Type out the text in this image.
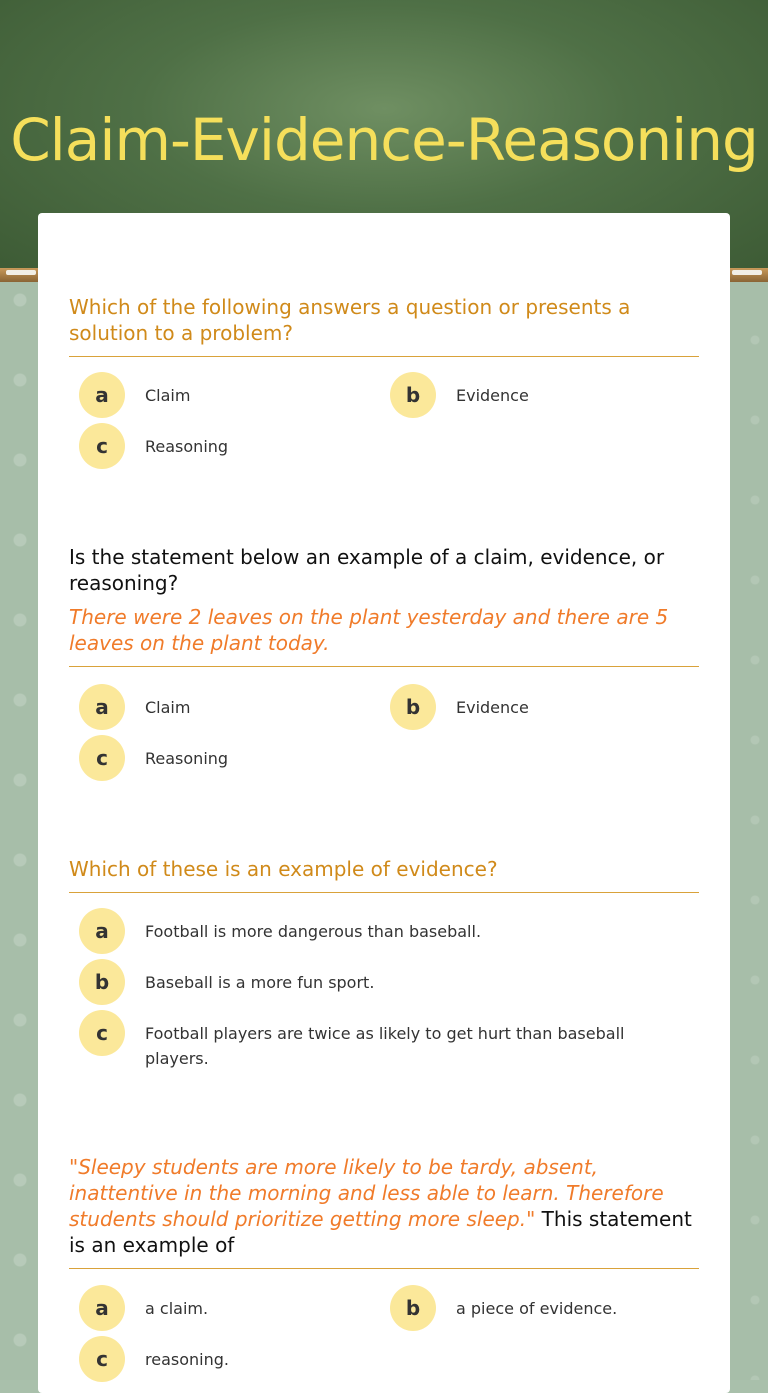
Claim-Evidence-Reasoning
Which of the following answers a question or presents a solution to a problem?
a	Claim	b	Evidence
c	Reasoning
Is the statement below an example of a claim, evidence, or reasoning?
There were 2 leaves on the plant yesterday and there are 5 leaves on the plant today.
a	Claim	b	Evidence
c	Reasoning
Which of these is an example of evidence?
a	Football is more dangerous than baseball.
b	Baseball is a more fun sport.
c	Football players are twice as likely to get hurt than baseball players.
"Sleepy students are more likely to be tardy, absent, inattentive in the morning and less able to learn. Therefore students should prioritize getting more sleep." This statement is an example of
a	a claim.	b	a piece of evidence.
c	reasoning.
